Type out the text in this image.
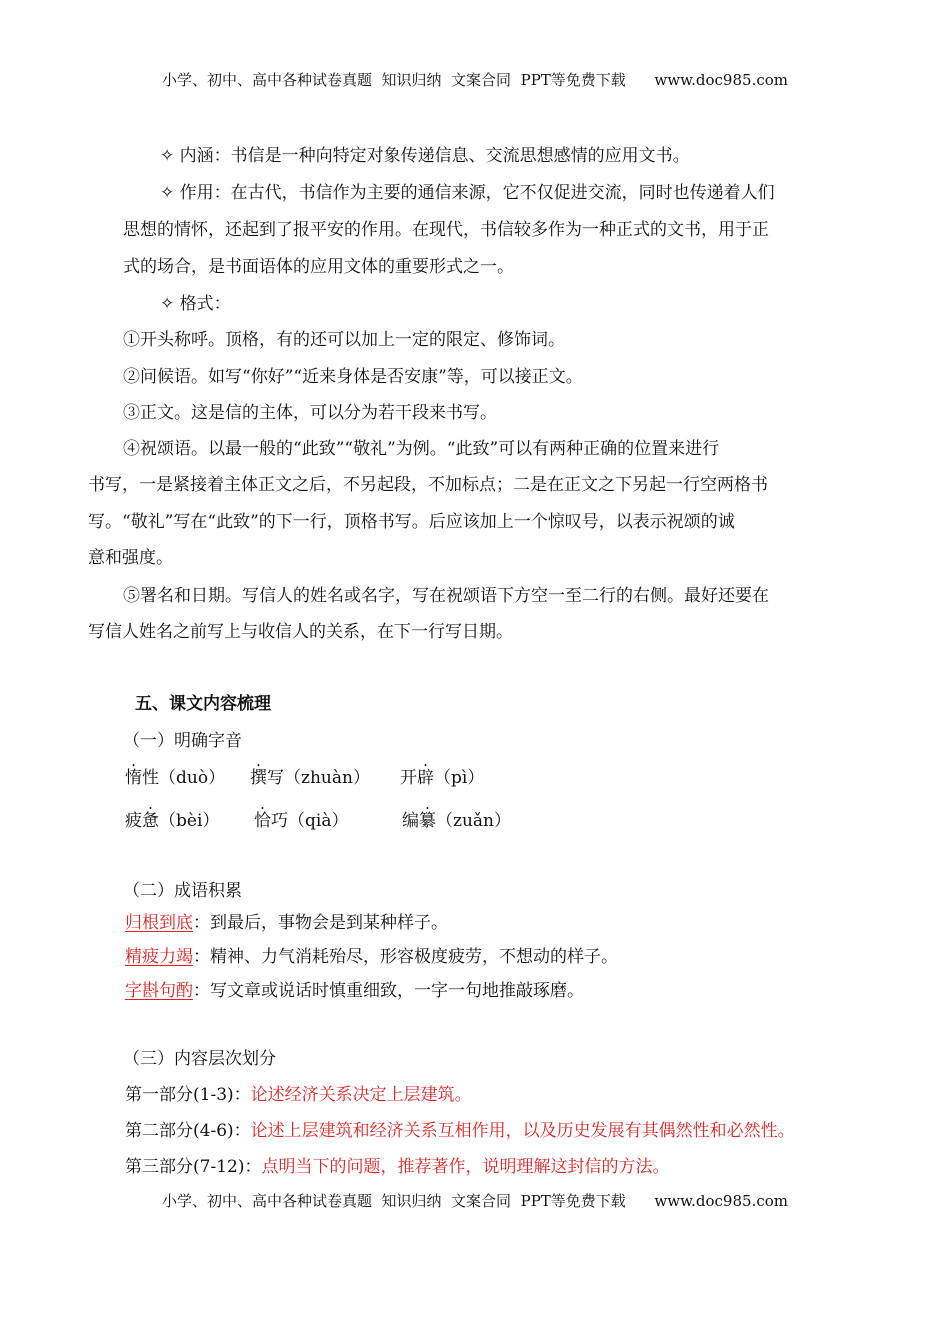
小学、初中、高中各种试卷真题  知识归纳  文案合同  PPT等免费下载      www.doc985.com
✧ 内涵：书信是一种向特定对象传递信息、交流思想感情的应用文书。
✧ 作用：在古代，书信作为主要的通信来源，它不仅促进交流，同时也传递着人们
思想的情怀，还起到了报平安的作用。在现代，书信较多作为一种正式的文书，用于正
式的场合，是书面语体的应用文体的重要形式之一。
✧ 格式：
①开头称呼。顶格，有的还可以加上一定的限定、修饰词。
②问候语。如写“你好”“近来身体是否安康”等，可以接正文。
③正文。这是信的主体，可以分为若干段来书写。
④祝颂语。以最一般的“此致”“敬礼”为例。“此致”可以有两种正确的位置来进行
书写，一是紧接着主体正文之后，不另起段，不加标点；二是在正文之下另起一行空两格书
写。“敬礼”写在“此致”的下一行，顶格书写。后应该加上一个惊叹号，以表示祝颂的诚
意和强度。
⑤署名和日期。写信人的姓名或名字，写在祝颂语下方空一至二行的右侧。最好还要在
写信人姓名之前写上与收信人的关系，在下一行写日期。
五、课文内容梳理
（一）明确字音
惰性（duò） 撰写（zhuàn） 开辟（pì）
疲惫（bèi） 恰巧（qià）	编纂（zuǎn）
（二）成语积累
归根到底：到最后，事物会是到某种样子。
精疲力竭：精神、力气消耗殆尽，形容极度疲劳，不想动的样子。
字斟句酌：写文章或说话时慎重细致，一字一句地推敲琢磨。
（三）内容层次划分
第一部分(1-3)：论述经济关系决定上层建筑。
第二部分(4-6)：论述上层建筑和经济关系互相作用，以及历史发展有其偶然性和必然性。
第三部分(7-12)：点明当下的问题，推荐著作，说明理解这封信的方法。
小学、初中、高中各种试卷真题  知识归纳  文案合同  PPT等免费下载      www.doc985.com
